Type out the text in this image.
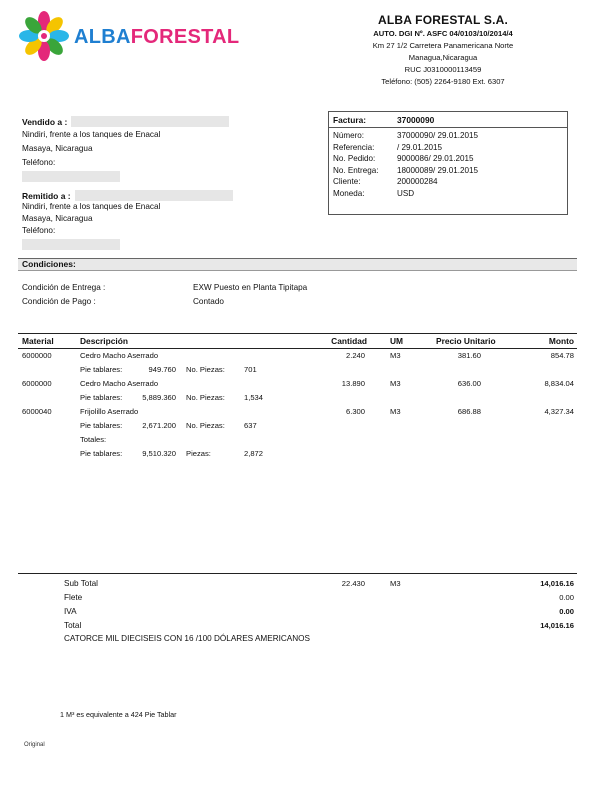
ALBAFORESTAL
ALBA FORESTAL S.A.
AUTO. DGI Nº. ASFC 04/0103/10/2014/4
Km 27 1/2 Carretera Panamericana Norte
Managua,Nicaragua
RUC J0310000113459
Teléfono: (505) 2264-9180 Ext. 6307
Vendido a :
Nindiri, frente a los tanques de Enacal
Masaya, Nicaragua
Teléfono:
Remitido a :
Nindiri, frente a los tanques de Enacal
Masaya, Nicaragua
Teléfono:
Factura:	37000090
Número:	37000090/ 29.01.2015
Referencia:	/ 29.01.2015
No. Pedido:	9000086/ 29.01.2015
No. Entrega:	18000089/ 29.01.2015
Cliente:	200000284
Moneda:	USD
Condiciones:
Condición de Entrega :	EXW Puesto en Planta Tipitapa
Condición de Pago :	Contado
Material	Descripción	Cantidad	UM	Precio Unitario	Monto
6000000	Cedro Macho Aserrado	2.240	M3	381.60	854.78
Pie tablares:	949.760 No. Piezas:	701
6000000	Cedro Macho Aserrado	13.890	M3	636.00	8,834.04
Pie tablares:	5,889.360 No. Piezas:	1,534
6000040	Frijolillo Aserrado	6.300	M3	686.88	4,327.34
Pie tablares:	2,671.200 No. Piezas:	637
Totales:
Pie tablares:	9,510.320 Piezas:	2,872
Sub Total	22.430	M3	14,016.16
Flete	0.00
IVA	0.00
Total	14,016.16
CATORCE MIL DIECISEIS CON 16 /100 DÓLARES AMERICANOS
1 M³ es equivalente a 424 Pie Tablar
Original
